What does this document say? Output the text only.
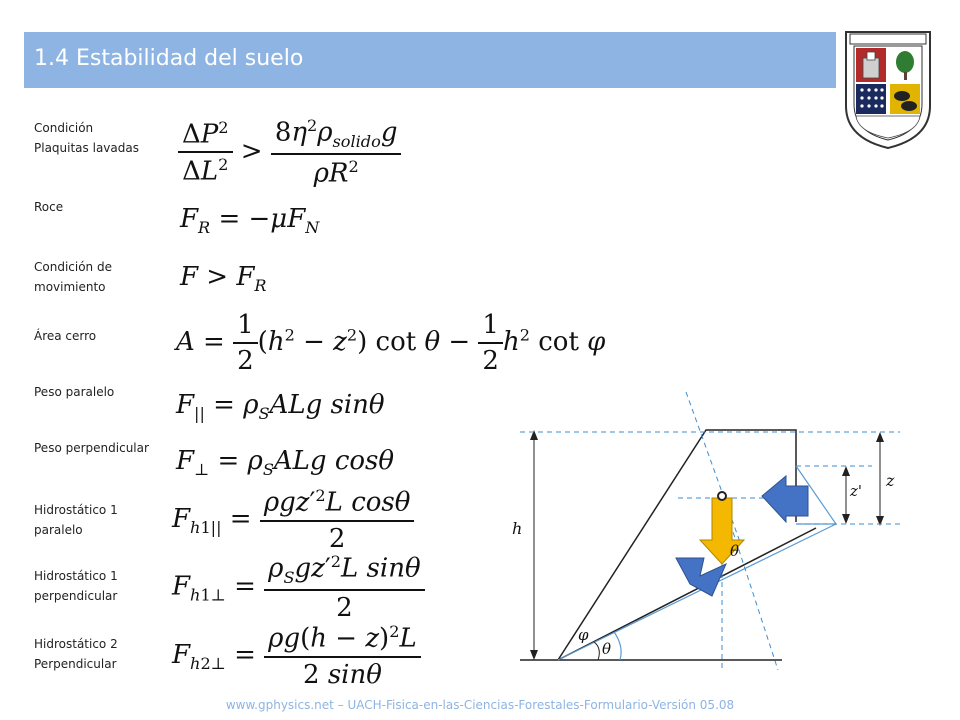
1.4 Estabilidad del suelo
Condición
Plaquitas lavadas
Roce
Condición de
movimiento
Área cerro
Peso paralelo
Peso perpendicular
Hidrostático 1
paralelo
Hidrostático 1
perpendicular
Hidrostático 2
Perpendicular
$\frac{\Delta P^2}{\Delta L^2} > \frac{8\eta^2\rho_{solido}g}{\rho R^2}$
$F_R = -\mu F_N$
$F > F_R$
$A = \frac{1}{2} (h^2 - z^2)$ $\cot \theta - \frac{1}{2} h^2$ cot φ
$F_{||} = \rho_SALg$ sinθ
$F_\perp = \rho_SALg$ cosθ
$F_{h1||} = \frac{\rho gz'^2L \cos\theta}{2}$
$F_{h1\perp} = \frac{\rho_Sgz'^2L \sin\theta}{2}$
$F_{h2\perp} = \frac{\rho g(h - z)^2L}{2 \sin\theta}$
h
z
z'
θ
φ
θ
www.gphysics.net – UACH-Fisica-en-las-Ciencias-Forestales-Formulario-Versión 05.08
